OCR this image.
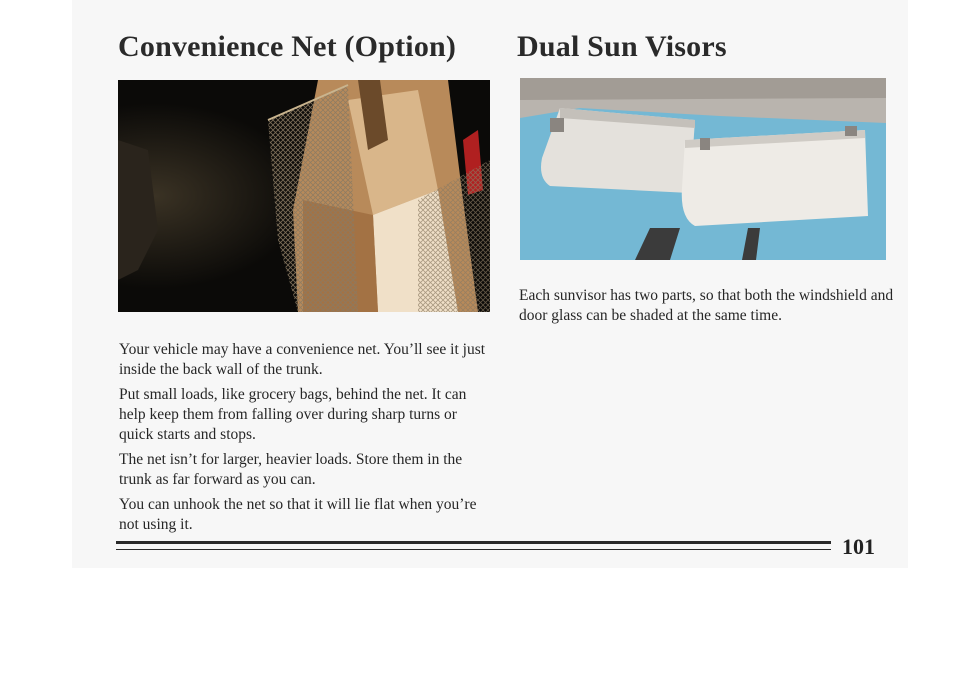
Convenience Net (Option)

Your vehicle may have a convenience net. You’ll see it just inside the back wall of the trunk.

Put small loads, like grocery bags, behind the net. It can help keep them from falling over during sharp turns or quick starts and stops.

The net isn’t for larger, heavier loads. Store them in the trunk as far forward as you can.

You can unhook the net so that it will lie flat when you’re not using it.

Dual Sun Visors

Each sunvisor has two parts, so that both the windshield and door glass can be shaded at the same time.

101
